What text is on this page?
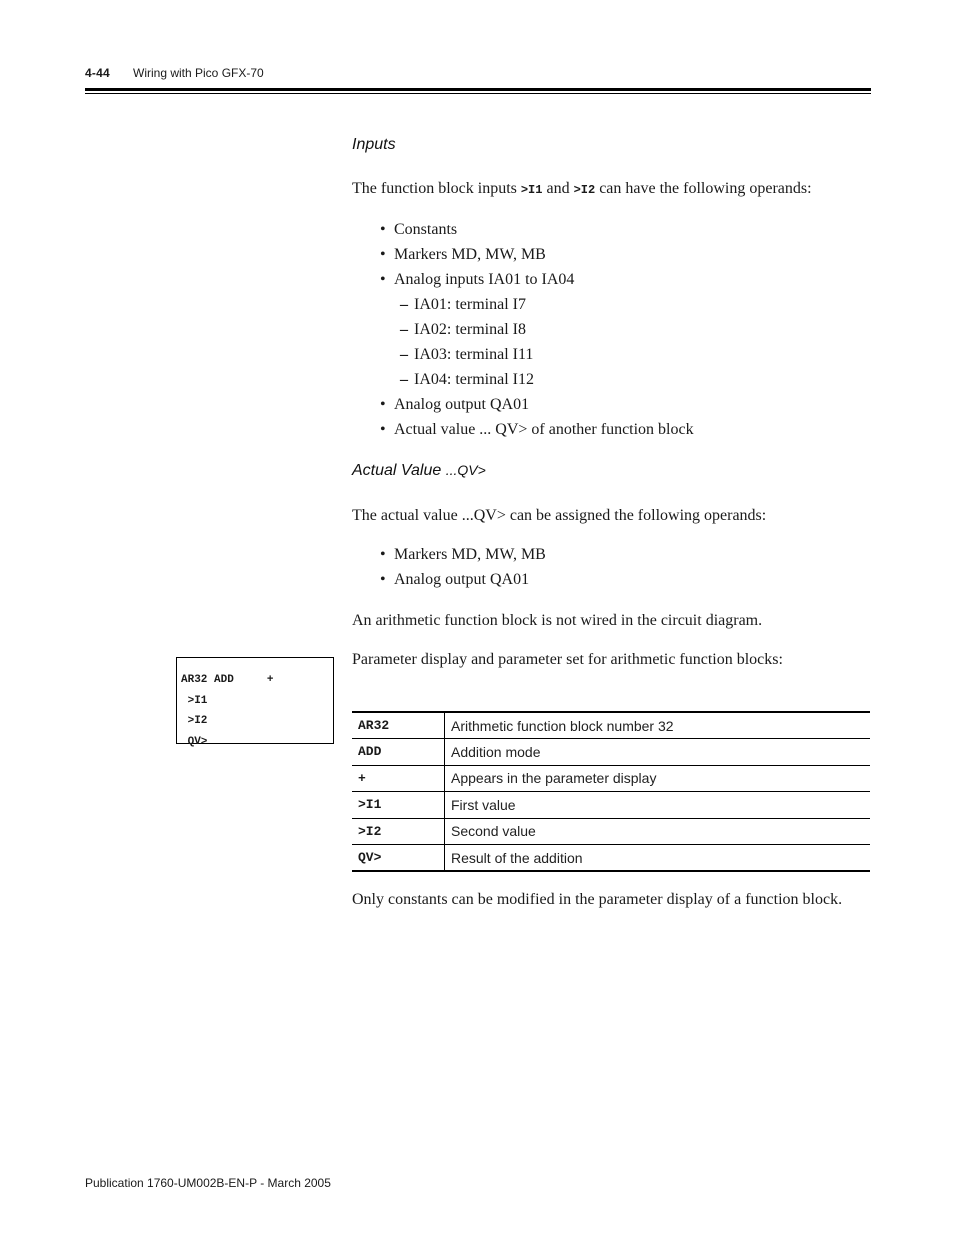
4-44 Wiring with Pico GFX-70
Inputs
The function block inputs >I1 and >I2 can have the following operands:
• Constants
• Markers MD, MW, MB
• Analog inputs IA01 to IA04
– IA01: terminal I7
– IA02: terminal I8
– IA03: terminal I11
– IA04: terminal I12
• Analog output QA01
• Actual value ... QV> of another function block
Actual Value ...QV>
The actual value ...QV> can be assigned the following operands:
• Markers MD, MW, MB
• Analog output QA01
An arithmetic function block is not wired in the circuit diagram.
Parameter display and parameter set for arithmetic function blocks:
AR32 ADD     +
>I1
>I2
QV>
AR32	Arithmetic function block number 32
ADD	Addition mode
+	Appears in the parameter display
>I1	First value
>I2	Second value
QV>	Result of the addition
Only constants can be modified in the parameter display of a function block.
Publication 1760-UM002B-EN-P - March 2005
